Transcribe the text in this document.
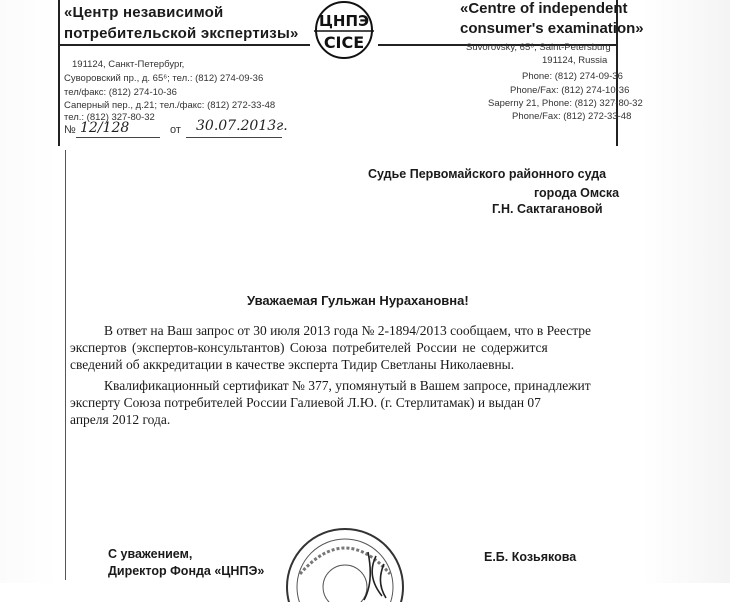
«Центр независимой
потребительской экспертизы»
«Centre of independent
consumer's examination»
ЦНПЭ
CICE
191124, Санкт-Петербург,
Суворовский пр., д. 65⁶; тел.: (812) 274-09-36
тел/факс: (812) 274-10-36
Саперный пер., д.21; тел./факс: (812) 272-33-48
тел.: (812) 327-80-32
№ 12/128	от 30.07.2013г.
Suvorovsky, 65⁶, Saint-Petersburg
191124, Russia
Phone: (812) 274-09-36
Phone/Fax: (812) 274-10-36
Saperny 21, Phone: (812) 327-80-32
Phone/Fax: (812) 272-33-48
Судье Первомайского районного суда
города Омска
Г.Н. Сактагановой
Уважаемая Гульжан Нурахановна!
В ответ на Ваш запрос от 30 июля 2013 года № 2-1894/2013 сообщаем, что в Реестре
экспертов (экспертов-консультантов) Союза потребителей России не содержится
сведений об аккредитации в качестве эксперта Тидир Светланы Николаевны.
Квалификационный сертификат № 377, упомянутый в Вашем запросе, принадлежит
эксперту Союза потребителей России Галиевой Л.Ю. (г. Стерлитамак) и выдан 07
апреля 2012 года.
С уважением,
Директор Фонда «ЦНПЭ»
Е.Б. Козьякова
